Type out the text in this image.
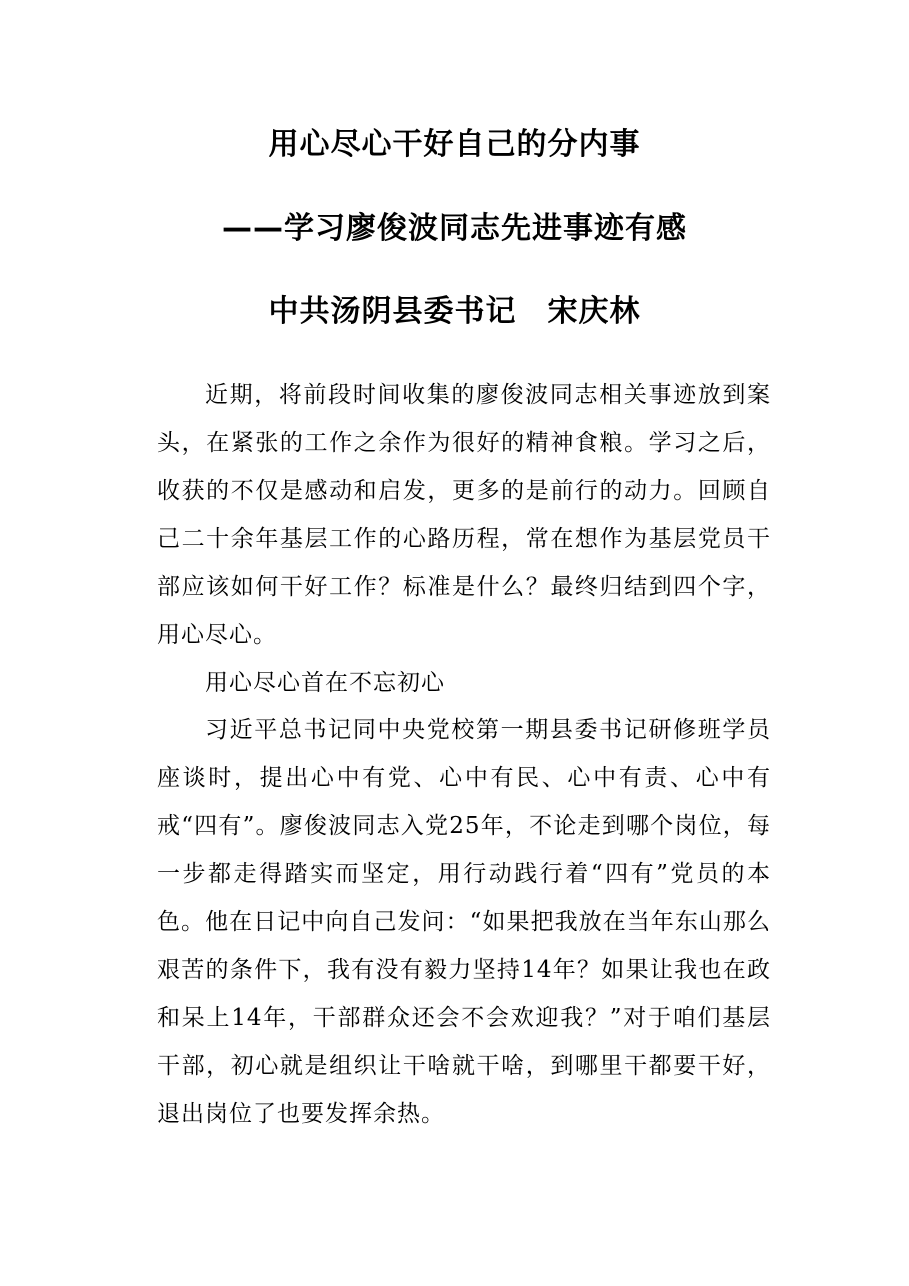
用心尽心干好自己的分内事
——学习廖俊波同志先进事迹有感
中共汤阴县委书记　宋庆林

近期，将前段时间收集的廖俊波同志相关事迹放到案头，在紧张的工作之余作为很好的精神食粮。学习之后，收获的不仅是感动和启发，更多的是前行的动力。回顾自己二十余年基层工作的心路历程，常在想作为基层党员干部应该如何干好工作？标准是什么？最终归结到四个字，用心尽心。

用心尽心首在不忘初心

习近平总书记同中央党校第一期县委书记研修班学员座谈时，提出心中有党、心中有民、心中有责、心中有戒“四有”。廖俊波同志入党25年，不论走到哪个岗位，每一步都走得踏实而坚定，用行动践行着“四有”党员的本色。他在日记中向自己发问：“如果把我放在当年东山那么艰苦的条件下，我有没有毅力坚持14年？如果让我也在政和呆上14年，干部群众还会不会欢迎我？”对于咱们基层干部，初心就是组织让干啥就干啥，到哪里干都要干好，退出岗位了也要发挥余热。
